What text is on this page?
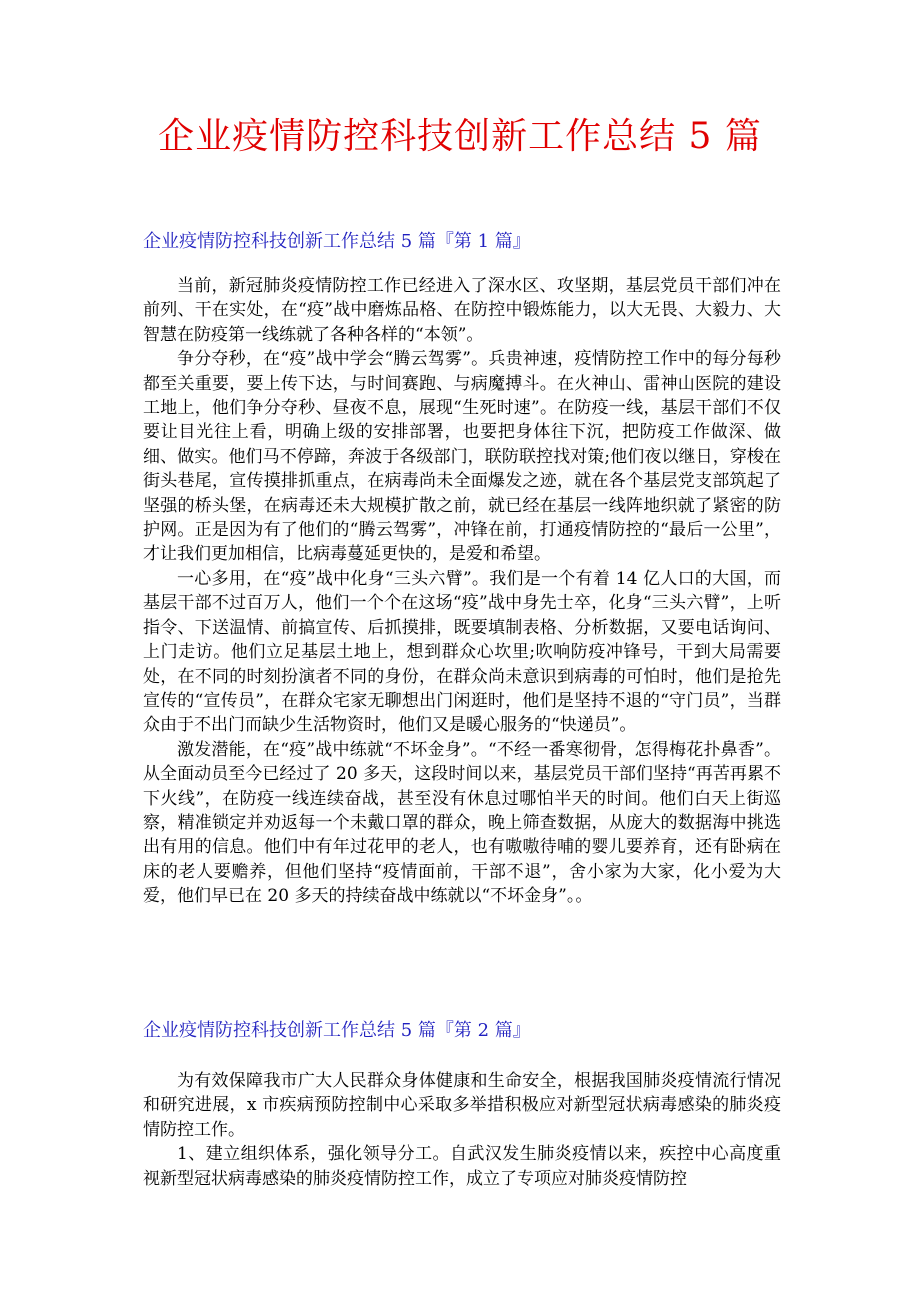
企业疫情防控科技创新工作总结 5 篇
企业疫情防控科技创新工作总结 5 篇『第 1 篇』

当前，新冠肺炎疫情防控工作已经进入了深水区、攻坚期，基层党员干部们冲在前列、干在实处，在“疫”战中磨炼品格、在防控中锻炼能力，以大无畏、大毅力、大智慧在防疫第一线练就了各种各样的“本领”。

争分夺秒，在“疫”战中学会“腾云驾雾”。兵贵神速，疫情防控工作中的每分每秒都至关重要，要上传下达，与时间赛跑、与病魔搏斗。在火神山、雷神山医院的建设工地上，他们争分夺秒、昼夜不息，展现“生死时速”。在防疫一线，基层干部们不仅要让目光往上看，明确上级的安排部署，也要把身体往下沉，把防疫工作做深、做细、做实。他们马不停蹄，奔波于各级部门，联防联控找对策;他们夜以继日，穿梭在街头巷尾，宣传摸排抓重点，在病毒尚未全面爆发之迹，就在各个基层党支部筑起了坚强的桥头堡，在病毒还未大规模扩散之前，就已经在基层一线阵地织就了紧密的防护网。正是因为有了他们的“腾云驾雾”，冲锋在前，打通疫情防控的“最后一公里”，才让我们更加相信，比病毒蔓延更快的，是爱和希望。

一心多用，在“疫”战中化身“三头六臂”。我们是一个有着 14 亿人口的大国，而基层干部不过百万人，他们一个个在这场“疫”战中身先士卒，化身“三头六臂”，上听指令、下送温情、前搞宣传、后抓摸排，既要填制表格、分析数据，又要电话询问、上门走访。他们立足基层土地上，想到群众心坎里;吹响防疫冲锋号，干到大局需要处，在不同的时刻扮演者不同的身份，在群众尚未意识到病毒的可怕时，他们是抢先宣传的“宣传员”，在群众宅家无聊想出门闲逛时，他们是坚持不退的“守门员”，当群众由于不出门而缺少生活物资时，他们又是暖心服务的“快递员”。

激发潜能，在“疫”战中练就“不坏金身”。“不经一番寒彻骨，怎得梅花扑鼻香”。从全面动员至今已经过了 20 多天，这段时间以来，基层党员干部们坚持“再苦再累不下火线”，在防疫一线连续奋战，甚至没有休息过哪怕半天的时间。他们白天上街巡察，精准锁定并劝返每一个未戴口罩的群众，晚上筛查数据，从庞大的数据海中挑选出有用的信息。他们中有年过花甲的老人，也有嗷嗷待哺的婴儿要养育，还有卧病在床的老人要赡养，但他们坚持“疫情面前，干部不退”，舍小家为大家，化小爱为大爱，他们早已在 20 多天的持续奋战中练就以“不坏金身”。。

企业疫情防控科技创新工作总结 5 篇『第 2 篇』

为有效保障我市广大人民群众身体健康和生命安全，根据我国肺炎疫情流行情况和研究进展，x 市疾病预防控制中心采取多举措积极应对新型冠状病毒感染的肺炎疫情防控工作。

1、建立组织体系，强化领导分工。自武汉发生肺炎疫情以来，疾控中心高度重视新型冠状病毒感染的肺炎疫情防控工作，成立了专项应对肺炎疫情防控
